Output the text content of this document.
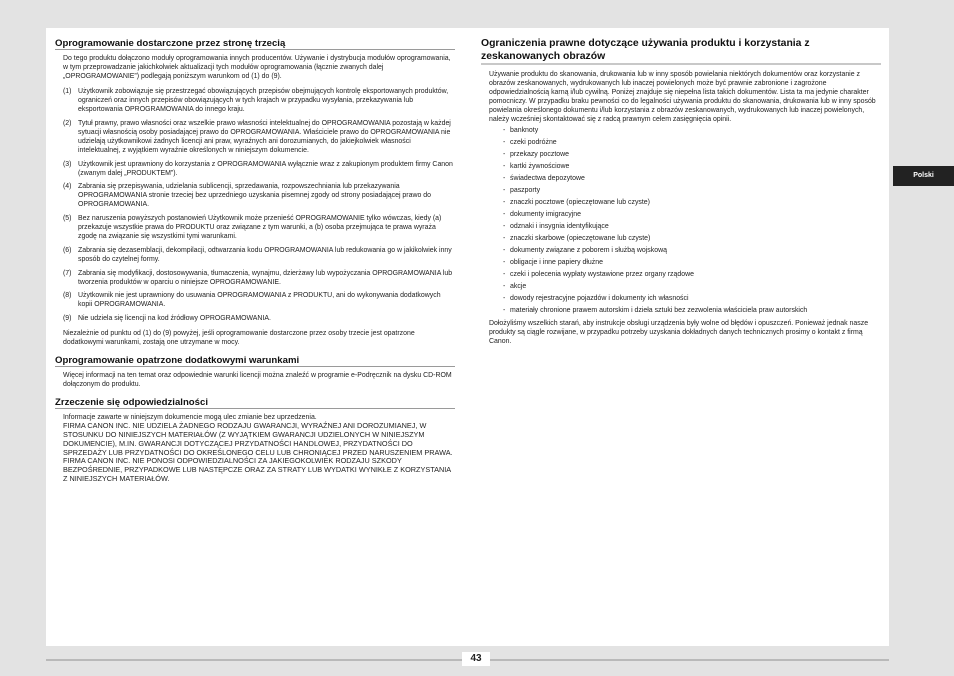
Oprogramowanie dostarczone przez stronę trzecią

Do tego produktu dołączono moduły oprogramowania innych producentów. Używanie i dystrybucja modułów oprogramowania, w tym przeprowadzanie jakichkolwiek aktualizacji tych modułów oprogramowania (łącznie zwanych dalej „OPROGRAMOWANIE”) podlegają poniższym warunkom od (1) do (9).

(1) Użytkownik zobowiązuje się przestrzegać obowiązujących przepisów obejmujących kontrolę eksportowanych produktów, ograniczeń oraz innych przepisów obowiązujących w tych krajach w przypadku wysyłania, przekazywania lub eksportowania OPROGRAMOWANIA do innego kraju.
(2) Tytuł prawny, prawo własności oraz wszelkie prawo własności intelektualnej do OPROGRAMOWANIA pozostają w każdej sytuacji własnością osoby posiadającej prawo do OPROGRAMOWANIA. Właściciele prawo do OPROGRAMOWANIA nie udzielają użytkownikowi żadnych licencji ani praw, wyraźnych ani dorozumianych, do jakiejkolwiek własności intelektualnej, z wyjątkiem wyraźnie określonych w niniejszym dokumencie.
(3) Użytkownik jest uprawniony do korzystania z OPROGRAMOWANIA wyłącznie wraz z zakupionym produktem firmy Canon (zwanym dalej „PRODUKTEM”).
(4) Zabrania się przepisywania, udzielania sublicencji, sprzedawania, rozpowszechniania lub przekazywania OPROGRAMOWANIA stronie trzeciej bez uprzedniego uzyskania pisemnej zgody od strony posiadającej prawo do OPROGRAMOWANIA.
(5) Bez naruszenia powyższych postanowień Użytkownik może przenieść OPROGRAMOWANIE tylko wówczas, kiedy (a) przekazuje wszystkie prawa do PRODUKTU oraz związane z tym warunki, a (b) osoba przejmująca te prawa wyraża zgodę na związanie się wszystkimi tymi warunkami.
(6) Zabrania się dezasemblacji, dekompilacji, odtwarzania kodu OPROGRAMOWANIA lub redukowania go w jakikolwiek inny sposób do czytelnej formy.
(7) Zabrania się modyfikacji, dostosowywania, tłumaczenia, wynajmu, dzierżawy lub wypożyczania OPROGRAMOWANIA lub tworzenia produktów w oparciu o niniejsze OPROGRAMOWANIE.
(8) Użytkownik nie jest uprawniony do usuwania OPROGRAMOWANIA z PRODUKTU, ani do wykonywania dodatkowych kopii OPROGRAMOWANIA.
(9) Nie udziela się licencji na kod źródłowy OPROGRAMOWANIA.

Niezależnie od punktu od (1) do (9) powyżej, jeśli oprogramowanie dostarczone przez osoby trzecie jest opatrzone dodatkowymi warunkami, zostają one utrzymane w mocy.

Oprogramowanie opatrzone dodatkowymi warunkami

Więcej informacji na ten temat oraz odpowiednie warunki licencji można znaleźć w programie e-Podręcznik na dysku CD-ROM dołączonym do produktu.

Zrzeczenie się odpowiedzialności

Informacje zawarte w niniejszym dokumencie mogą ulec zmianie bez uprzedzenia.

FIRMA CANON INC. NIE UDZIELA ŻADNEGO RODZAJU GWARANCJI, WYRAŹNEJ ANI DOROZUMIANEJ, W STOSUNKU DO NINIEJSZYCH MATERIAŁÓW (Z WYJĄTKIEM GWARANCJI UDZIELONYCH W NINIEJSZYM DOKUMENCIE), M.IN. GWARANCJI DOTYCZĄCEJ PRZYDATNOŚCI HANDLOWEJ, PRZYDATNOŚCI DO SPRZEDAŻY LUB PRZYDATNOŚCI DO OKREŚLONEGO CELU LUB CHRONIĄCEJ PRZED NARUSZENIEM PRAWA. FIRMA CANON INC. NIE PONOSI ODPOWIEDZIALNOŚCI ZA JAKIEGOKOLWIEK RODZAJU SZKODY BEZPOŚREDNIE, PRZYPADKOWE LUB NASTĘPCZE ORAZ ZA STRATY LUB WYDATKI WYNIKŁE Z KORZYSTANIA Z NINIEJSZYCH MATERIAŁÓW.

Ograniczenia prawne dotyczące używania produktu i korzystania z zeskanowanych obrazów

Używanie produktu do skanowania, drukowania lub w inny sposób powielania niektórych dokumentów oraz korzystanie z obrazów zeskanowanych, wydrukowanych lub inaczej powielonych może być prawnie zabronione i zagrożone odpowiedzialnością karną i/lub cywilną. Poniżej znajduje się niepełna lista takich dokumentów. Lista ta ma jedynie charakter pomocniczy. W przypadku braku pewności co do legalności używania produktu do skanowania, drukowania lub w inny sposób powielania określonego dokumentu i/lub korzystania z obrazów zeskanowanych, wydrukowanych lub inaczej powielonych, należy wcześniej skontaktować się z radcą prawnym celem zasięgnięcia opinii.

- banknoty
- czeki podróżne
- przekazy pocztowe
- kartki żywnościowe
- świadectwa depozytowe
- paszporty
- znaczki pocztowe (opieczętowane lub czyste)
- dokumenty imigracyjne
- odznaki i insygnia identyfikujące
- znaczki skarbowe (opieczętowane lub czyste)
- dokumenty związane z poborem i służbą wojskową
- obligacje i inne papiery dłużne
- czeki i polecenia wypłaty wystawione przez organy rządowe
- akcje
- dowody rejestracyjne pojazdów i dokumenty ich własności
- materiały chronione prawem autorskim i dzieła sztuki bez zezwolenia właściciela praw autorskich

Dołożyliśmy wszelkich starań, aby instrukcje obsługi urządzenia były wolne od błędów i opuszczeń. Ponieważ jednak nasze produkty są ciągle rozwijane, w przypadku potrzeby uzyskania dokładnych danych technicznych prosimy o kontakt z firmą Canon.

Polski
43
